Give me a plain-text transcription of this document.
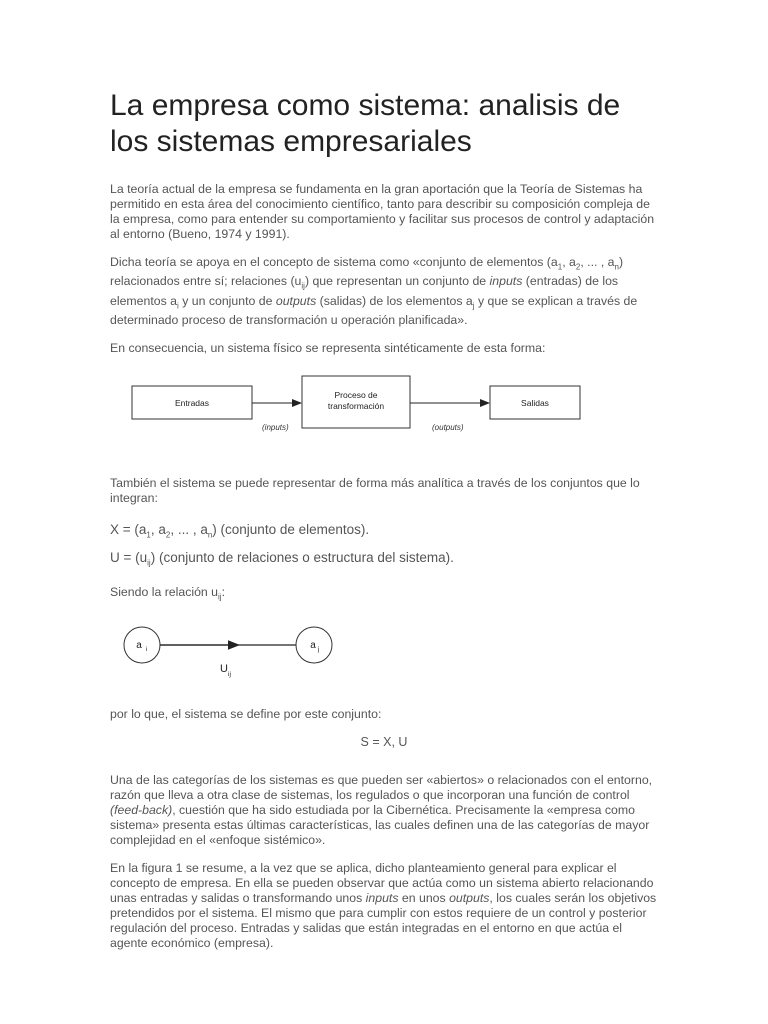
La empresa como sistema: analisis de los sistemas empresariales

La teoría actual de la empresa se fundamenta en la gran aportación que la Teoría de Sistemas ha permitido en esta área del conocimiento científico, tanto para describir su composición compleja de la empresa, como para entender su comportamiento y facilitar sus procesos de control y adaptación al entorno (Bueno, 1974 y 1991).

Dicha teoría se apoya en el concepto de sistema como «conjunto de elementos ($a_1$, $a_2$, ... , $a_n$) relacionados entre sí; relaciones $(u_{ij})$ que representan un conjunto de inputs (entradas) de los elementos $a_i$ y un conjunto de outputs (salidas) de los elementos $a_j$ y que se explican a través de determinado proceso de transformación u operación planificada».

En consecuencia, un sistema físico se representa sintéticamente de esta forma:

Entradas
(inputs)
Proceso de
transformación
(outputs)
Salidas

También el sistema se puede representar de forma más analítica a través de los conjuntos que lo integran:

$X = (a_1$, $a_2$, ... , $a_n$) (conjunto de elementos).

$U = (u_{ij})$ (conjunto de relaciones o estructura del sistema).

Siendo la relación $u_{ij}$:

a i	a j
U ij

por lo que, el sistema se define por este conjunto:

S = X, U

Una de las categorías de los sistemas es que pueden ser «abiertos» o relacionados con el entorno, razón que lleva a otra clase de sistemas, los regulados o que incorporan una función de control (feed-back), cuestión que ha sido estudiada por la Cibernética. Precisamente la «empresa como sistema» presenta estas últimas características, las cuales definen una de las categorías de mayor complejidad en el «enfoque sistémico».

En la figura 1 se resume, a la vez que se aplica, dicho planteamiento general para explicar el concepto de empresa. En ella se pueden observar que actúa como un sistema abierto relacionando unas entradas y salidas o transformando unos inputs en unos outputs, los cuales serán los objetivos pretendidos por el sistema. El mismo que para cumplir con estos requiere de un control y posterior regulación del proceso. Entradas y salidas que están integradas en el entorno en que actúa el agente económico (empresa).
